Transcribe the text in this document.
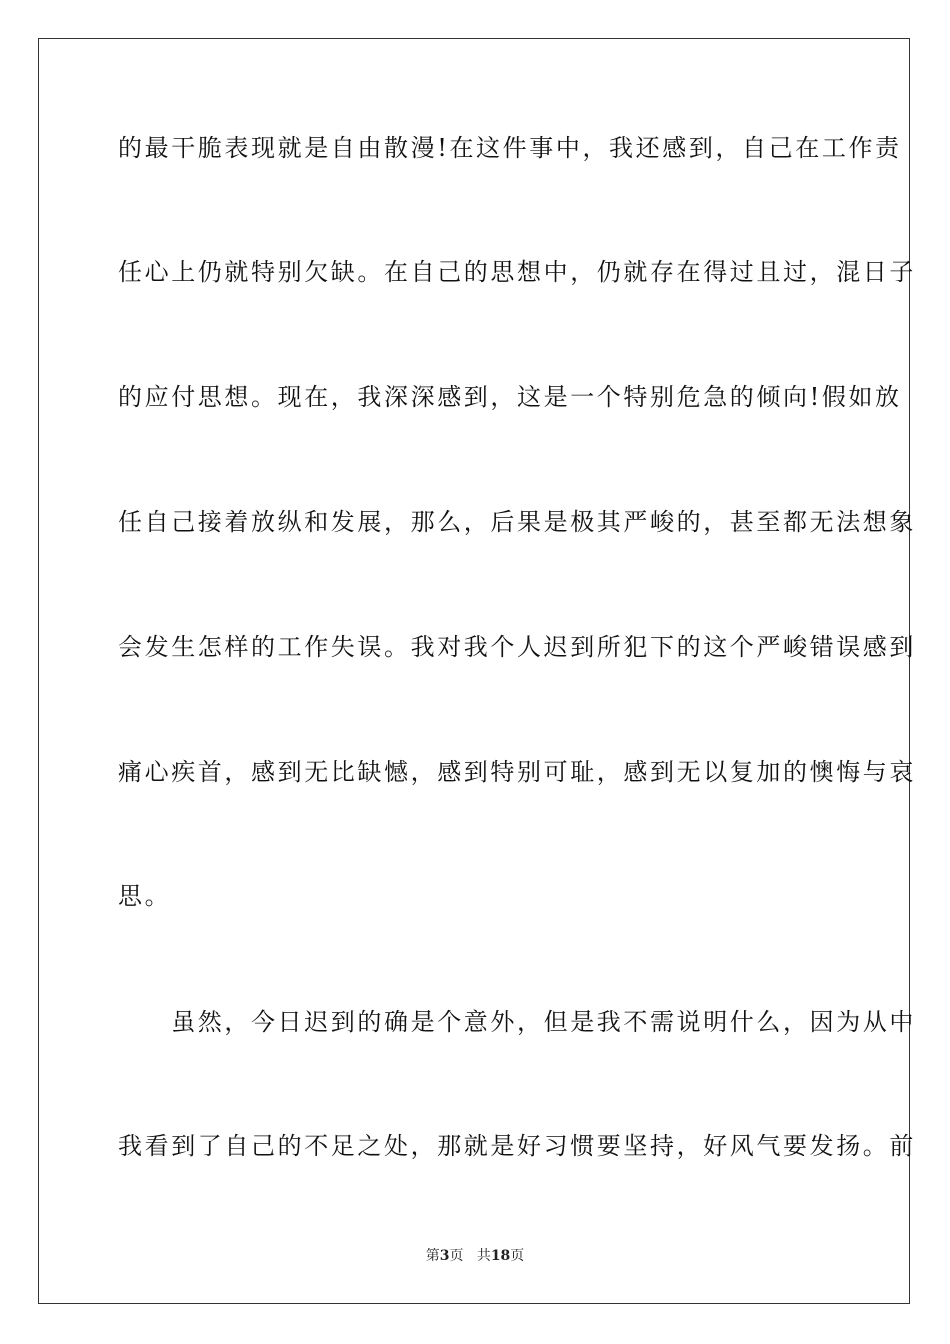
的最干脆表现就是自由散漫!在这件事中，我还感到，自己在工作责
任心上仍就特别欠缺。在自己的思想中，仍就存在得过且过，混日子
的应付思想。现在，我深深感到，这是一个特别危急的倾向!假如放
任自己接着放纵和发展，那么，后果是极其严峻的，甚至都无法想象
会发生怎样的工作失误。我对我个人迟到所犯下的这个严峻错误感到
痛心疾首，感到无比缺憾，感到特别可耻，感到无以复加的懊悔与哀
思。
　　虽然，今日迟到的确是个意外，但是我不需说明什么，因为从中
我看到了自己的不足之处，那就是好习惯要坚持，好风气要发扬。前
第3页 共18页
